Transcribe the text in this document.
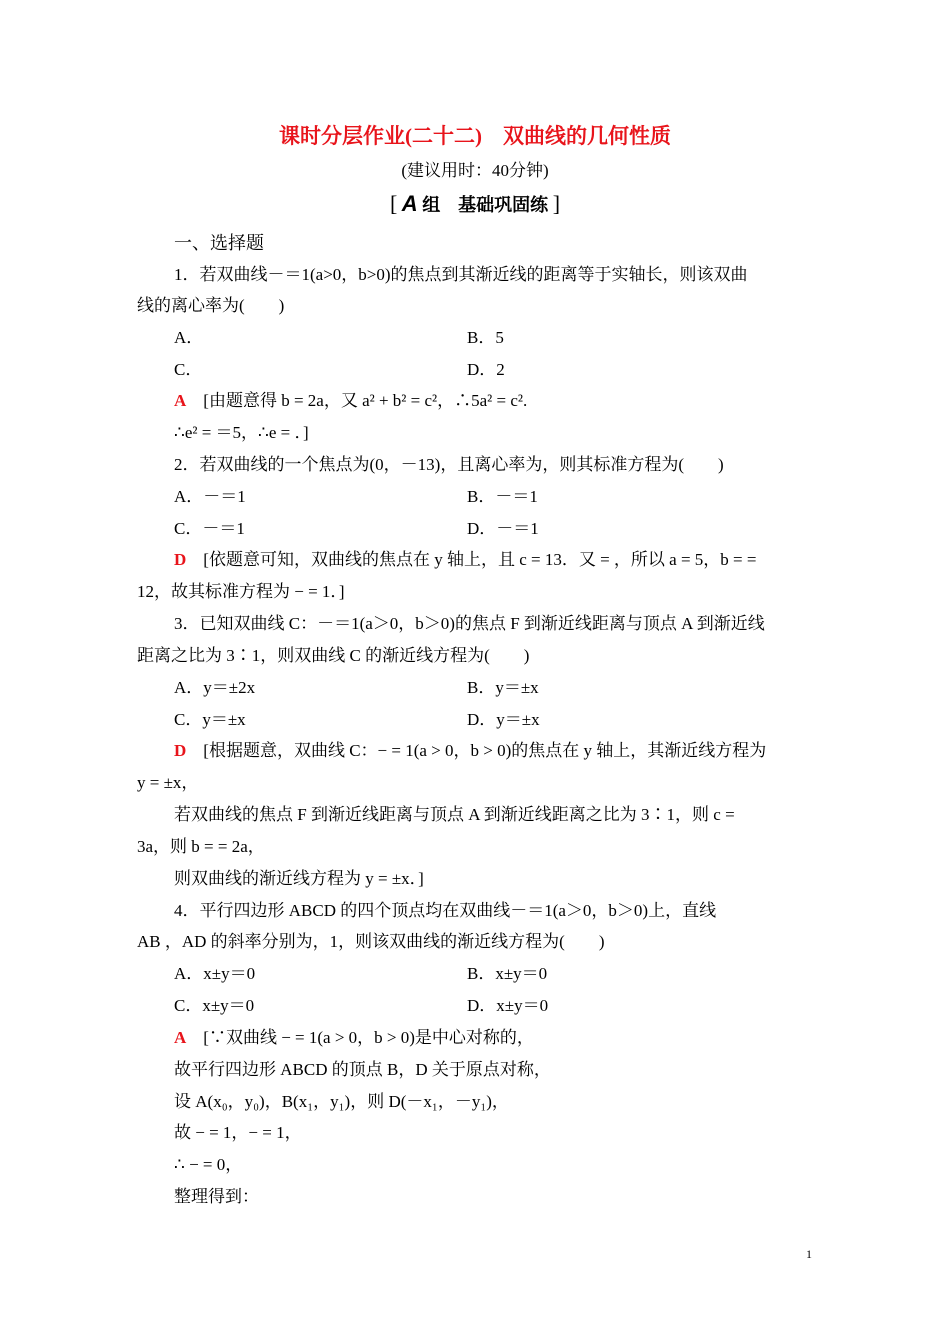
课时分层作业(二十二)　双曲线的几何性质
(建议用时：40分钟)
[ A 组　基础巩固练 ]
一、选择题
1．若双曲线－＝1(a>0，b>0)的焦点到其渐近线的距离等于实轴长，则该双曲
线的离心率为(　　)
A．	B．5
C．	D．2
A　[由题意得 b = 2a，又 a² + b² = c²，∴5a² = c².
∴e² = ＝5，∴e = ．]
2．若双曲线的一个焦点为(0，－13)，且离心率为，则其标准方程为(　　)
A．－＝1	B．－＝1
C．－＝1	D．－＝1
D　[依题意可知，双曲线的焦点在 y 轴上，且 c = 13．又 = ，所以 a = 5，b = =
12，故其标准方程为 − = 1．]
3．已知双曲线 C：－＝1(a＞0，b＞0)的焦点 F 到渐近线距离与顶点 A 到渐近线
距离之比为 3∶1，则双曲线 C 的渐近线方程为(　　)
A．y＝±2x	B．y＝±x
C．y＝±x	D．y＝±x
D　[根据题意，双曲线 C：− = 1(a > 0，b > 0)的焦点在 y 轴上，其渐近线方程为
y = ±x，
若双曲线的焦点 F 到渐近线距离与顶点 A 到渐近线距离之比为 3∶1，则 c =
3a，则 b = = 2a，
则双曲线的渐近线方程为 y = ±x．]
4．平行四边形 ABCD 的四个顶点均在双曲线－＝1(a＞0，b＞0)上，直线
AB ，AD 的斜率分别为，1，则该双曲线的渐近线方程为(　　)
A．x±y＝0	B．x±y＝0
C．x±y＝0	D．x±y＝0
A　[∵双曲线 − = 1(a > 0，b > 0)是中心对称的，
故平行四边形 ABCD 的顶点 B，D 关于原点对称，
设 A(x₀，y₀)，B(x₁，y₁)，则 D(－x₁，－y₁)，
故 − = 1，− = 1，
∴ − = 0，
整理得到：
1
